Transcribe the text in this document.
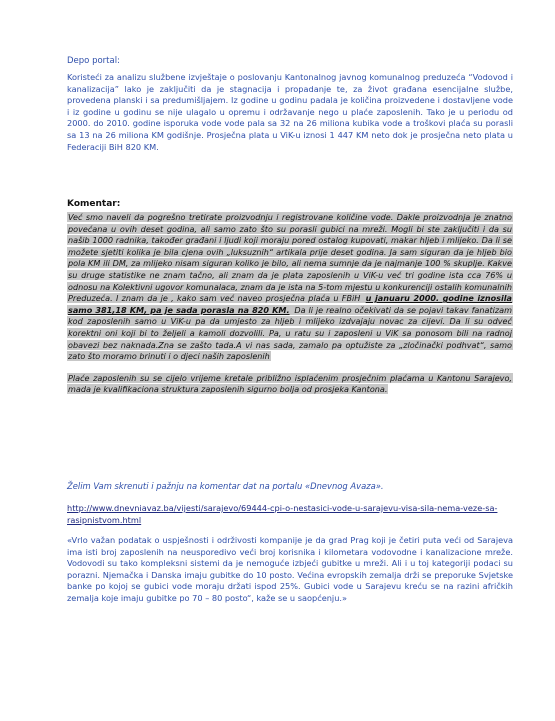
Depo portal:

Koristeći za analizu službene izvještaje o poslovanju Kantonalnog javnog komunalnog preduzeća “Vodovod i kanalizacija” lako je zaključiti da je stagnacija i propadanje te, za život građana esencijalne službe, provedena planski i sa predumišljajem. Iz godine u godinu padala je količina proizvedene i dostavljene vode i iz godine u godinu se nije ulagalo u opremu i održavanje nego u plaće zaposlenih. Tako je u periodu od 2000. do 2010. godine isporuka vode vode pala sa 32 na 26 miliona kubika vode a troškovi plaća su porasli sa 13 na 26 miliona KM godišnje. Prosječna plata u ViK-u iznosi 1 447 KM neto dok je prosječna neto plata u Federaciji BiH 820 KM.

Komentar:

Već smo naveli da pogrešno tretirate proizvodnju i registrovane količine vode. Dakle proizvodnja je znatno povećana u ovih deset godina, ali samo zato što su porasli gubici na mreži. Mogli bi ste zaključiti i da su našib 1000 radnika, također građani i ljudi koji moraju pored ostalog kupovati, makar hljeb i mlijeko. Da li se možete sjetiti kolika je bila cjena ovih „luksuznih“ artikala prije deset godina. Ja sam siguran da je hljeb bio pola KM ili DM, za mlijeko nisam siguran koliko je bilo, ali nema sumnje da je najmanje 100 % skuplje. Kakve su druge statistike ne znam tačno, ali znam da je plata zaposlenih u ViK-u već tri godine ista cca 76% u odnosu na Kolektivni ugovor komunalaca, znam da je ista na 5-tom mjestu u konkurenciji ostalih komunalnih Preduzeća. I znam da je , kako sam već naveo prosječna plaća u FBiH u januaru 2000. godine iznosila samo 381,18 KM, pa je sada porasla na 820 KM. Da li je realno očekivati da se pojavi takav fanatizam kod zaposlenih samo u ViK-u pa da umjesto za hljeb i mlijeko izdvajaju novac za cijevi. Da li su odveć korektni oni koji bi to željeli a kamoli dozvolili. Pa, u ratu su i zaposleni u ViK sa ponosom bili na radnoj obavezi bez naknada.Zna se zašto tada.A vi nas sada, zamalo pa optužiste za „zločinački podhvat“, samo zato što moramo brinuti i o djeci naših zaposlenih

Plaće zaposlenih su se cijelo vrijeme kretale približno isplaćenim prosječnim plaćama u Kantonu Sarajevo, mada je kvalifikaciona struktura zaposlenih sigurno bolja od prosjeka Kantona.

Želim Vam skrenuti i pažnju na komentar dat na portalu «Dnevnog Avaza».

http://www.dnevniavaz.ba/vijesti/sarajevo/69444-cpi-o-nestasici-vode-u-sarajevu-visa-sila-nema-veze-sa-rasipnistvom.html

«Vrlo važan podatak o uspješnosti i održivosti kompanije je da grad Prag koji je četiri puta veći od Sarajeva ima isti broj zaposlenih na neusporedivo veći broj korisnika i kilometara vodovodne i kanalizacione mreže. Vodovodi su tako kompleksni sistemi da je nemoguće izbjeći gubitke u mreži. Ali i u toj kategoriji podaci su porazni. Njemačka i Danska imaju gubitke do 10 posto. Većina evropskih zemalja drži se preporuke Svjetske banke po kojoj se gubici vode moraju držati ispod 25%. Gubici vode u Sarajevu kreću se na razini afričkih zemalja koje imaju gubitke po 70 – 80 posto“, kaže se u saopćenju.»
